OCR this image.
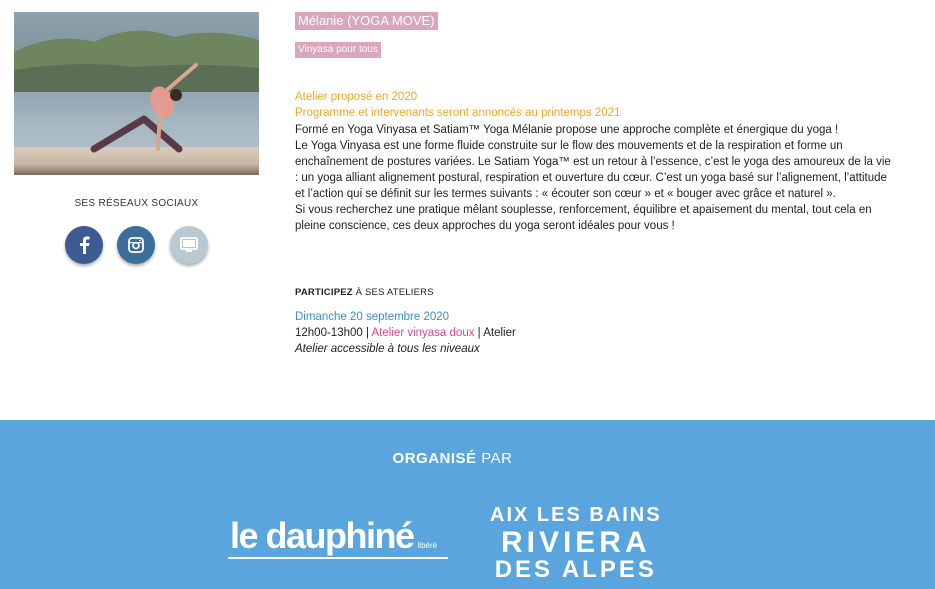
SES RÉSEAUX SOCIAUX
Mélanie (YOGA MOVE)
Vinyasa pour tous
Atelier proposé en 2020
Programme et intervenants seront annoncés au printemps 2021

Formé en Yoga Vinyasa et Satiam™ Yoga Mélanie propose une approche complète et énergique du yoga !

Le Yoga Vinyasa est une forme fluide construite sur le flow des mouvements et de la respiration et forme un enchaînement de postures variées. Le Satiam Yoga™ est un retour à l’essence, c’est le yoga des amoureux de la vie : un yoga alliant alignement postural, respiration et ouverture du cœur. C’est un yoga basé sur l’alignement, l’attitude et l’action qui se définit sur les termes suivants : « écouter son cœur » et « bouger avec grâce et naturel ».

Si vous recherchez une pratique mêlant souplesse, renforcement, équilibre et apaisement du mental, tout cela en pleine conscience, ces deux approches du yoga seront idéales pour vous !

PARTICIPEZ À SES ATELIERS
Dimanche 20 septembre 2020
12h00-13h00 | Atelier vinyasa doux | Atelier
Atelier accessible à tous les niveaux
ORGANISÉ PAR
le dauphiné libéré
AIX LES BAINS
RIVIERA
DES ALPES
